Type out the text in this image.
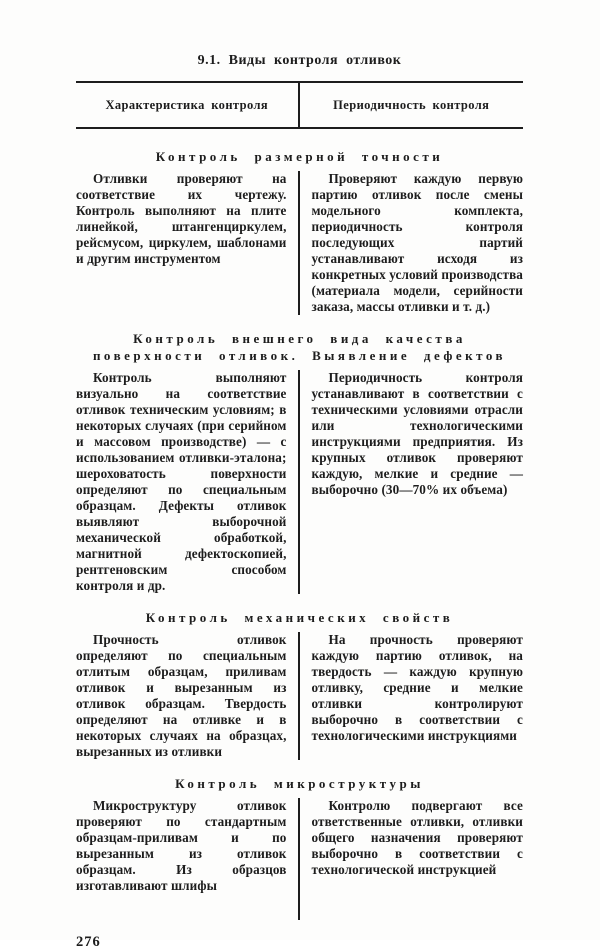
9.1. Виды контроля отливок
Характеристика контроля	Периодичность контроля
Контроль размерной точности
Отливки проверяют на соответствие их чертежу. Контроль выполняют на плите линейкой, штангенциркулем, рейсмусом, циркулем, шаблонами и другим инструментом
Проверяют каждую первую партию отливок после смены модельного комплекта, периодичность контроля последующих партий устанавливают исходя из конкретных условий производства (материала модели, серийности заказа, массы отливки и т. д.)
Контроль внешнего вида качества поверхности отливок. Выявление дефектов
Контроль выполняют визуально на соответствие отливок техническим условиям; в некоторых случаях (при серийном и массовом производстве) — с использованием отливки-эталона; шероховатость поверхности определяют по специальным образцам. Дефекты отливок выявляют выборочной механической обработкой, магнитной дефектоскопией, рентгеновским способом контроля и др.
Периодичность контроля устанавливают в соответствии с техническими условиями отрасли или технологическими инструкциями предприятия. Из крупных отливок проверяют каждую, мелкие и средние — выборочно (30—70% их объема)
Контроль механических свойств
Прочность отливок определяют по специальным отлитым образцам, приливам отливок и вырезанным из отливок образцам. Твердость определяют на отливке и в некоторых случаях на образцах, вырезанных из отливки
На прочность проверяют каждую партию отливок, на твердость — каждую крупную отливку, средние и мелкие отливки контролируют выборочно в соответствии с технологическими инструкциями
Контроль микроструктуры
Микроструктуру отливок проверяют по стандартным образцам-приливам и по вырезанным из отливок образцам. Из образцов изготавливают шлифы
Контролю подвергают все ответственные отливки, отливки общего назначения проверяют выборочно в соответствии с технологической инструкцией
276
